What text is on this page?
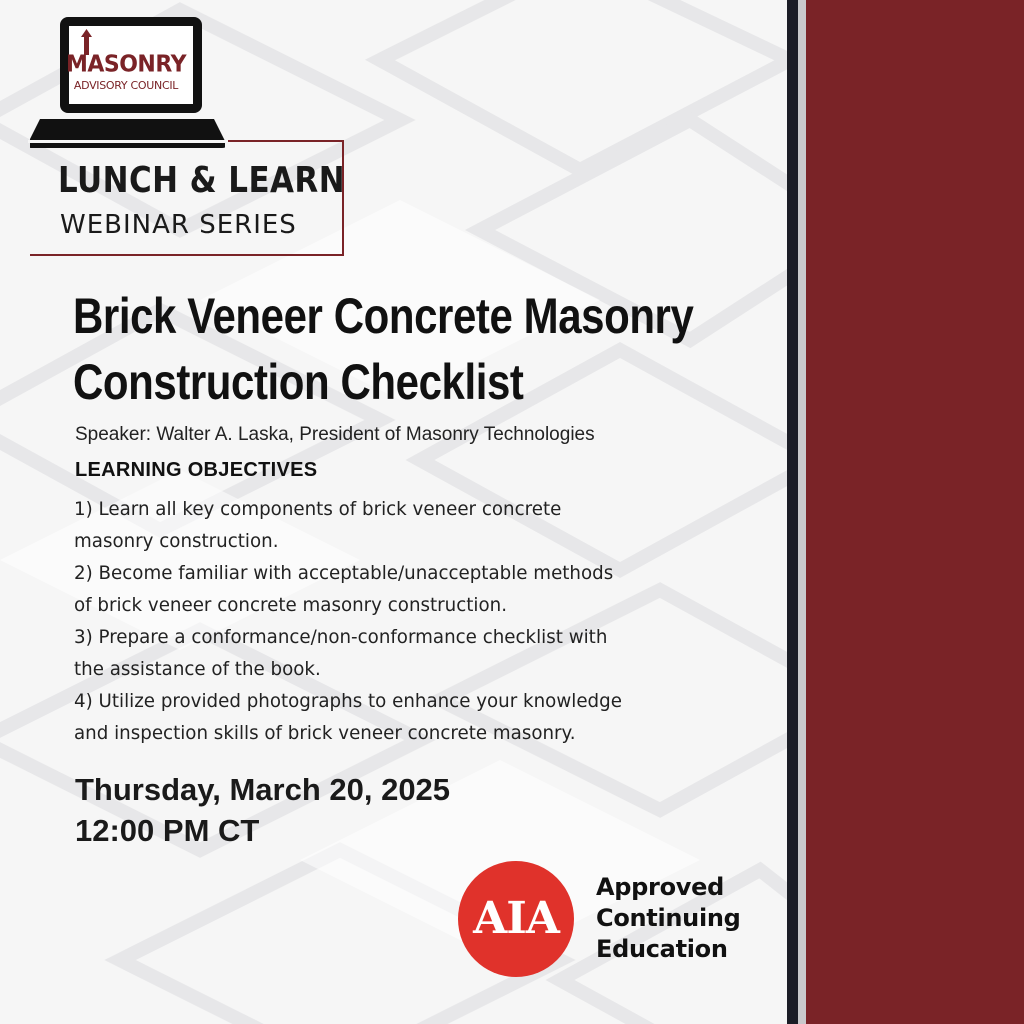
MASONRY
ADVISORY COUNCIL
LUNCH & LEARN
WEBINAR SERIES
Brick Veneer Concrete Masonry
Construction Checklist
Speaker: Walter A. Laska, President of Masonry Technologies
LEARNING OBJECTIVES
1) Learn all key components of brick veneer concrete
masonry construction.
2) Become familiar with acceptable/unacceptable methods
of brick veneer concrete masonry construction.
3) Prepare a conformance/non-conformance checklist with
the assistance of the book.
4) Utilize provided photographs to enhance your knowledge
and inspection skills of brick veneer concrete masonry.
Thursday, March 20, 2025
12:00 PM CT
AIA
Approved
Continuing
Education
